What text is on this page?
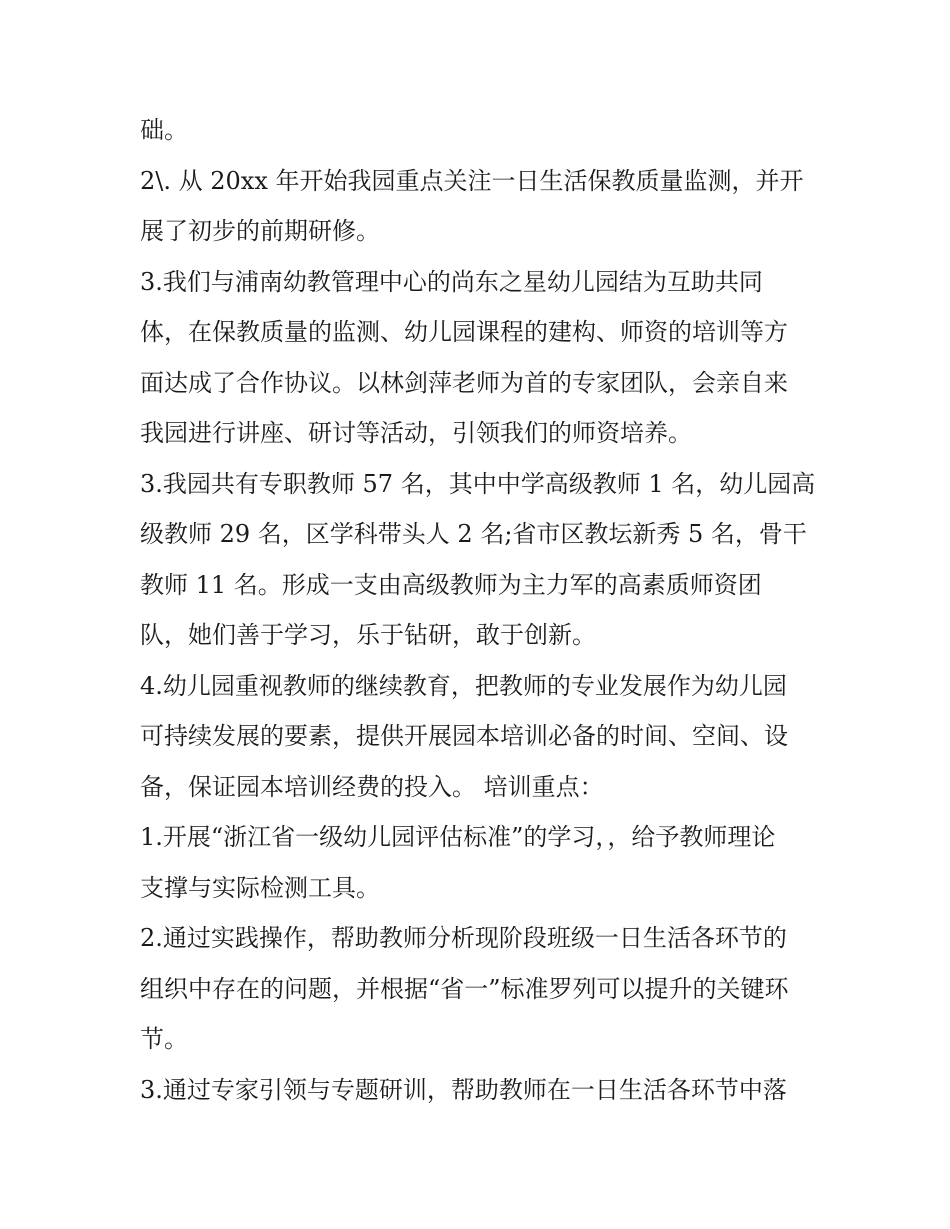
础。
2\. 从 20xx 年开始我园重点关注一日生活保教质量监测，并开
展了初步的前期研修。
3.我们与浦南幼教管理中心的尚东之星幼儿园结为互助共同
体，在保教质量的监测、幼儿园课程的建构、师资的培训等方
面达成了合作协议。以林剑萍老师为首的专家团队，会亲自来
我园进行讲座、研讨等活动，引领我们的师资培养。
3.我园共有专职教师 57 名，其中中学高级教师 1 名，幼儿园高
级教师 29 名，区学科带头人 2 名;省市区教坛新秀 5 名，骨干
教师 11 名。形成一支由高级教师为主力军的高素质师资团
队，她们善于学习，乐于钻研，敢于创新。
4.幼儿园重视教师的继续教育，把教师的专业发展作为幼儿园
可持续发展的要素，提供开展园本培训必备的时间、空间、设
备，保证园本培训经费的投入。 培训重点：
1.开展“浙江省一级幼儿园评估标准”的学习，，给予教师理论
支撑与实际检测工具。
2.通过实践操作，帮助教师分析现阶段班级一日生活各环节的
组织中存在的问题，并根据“省一”标准罗列可以提升的关键环
节。
3.通过专家引领与专题研训，帮助教师在一日生活各环节中落
